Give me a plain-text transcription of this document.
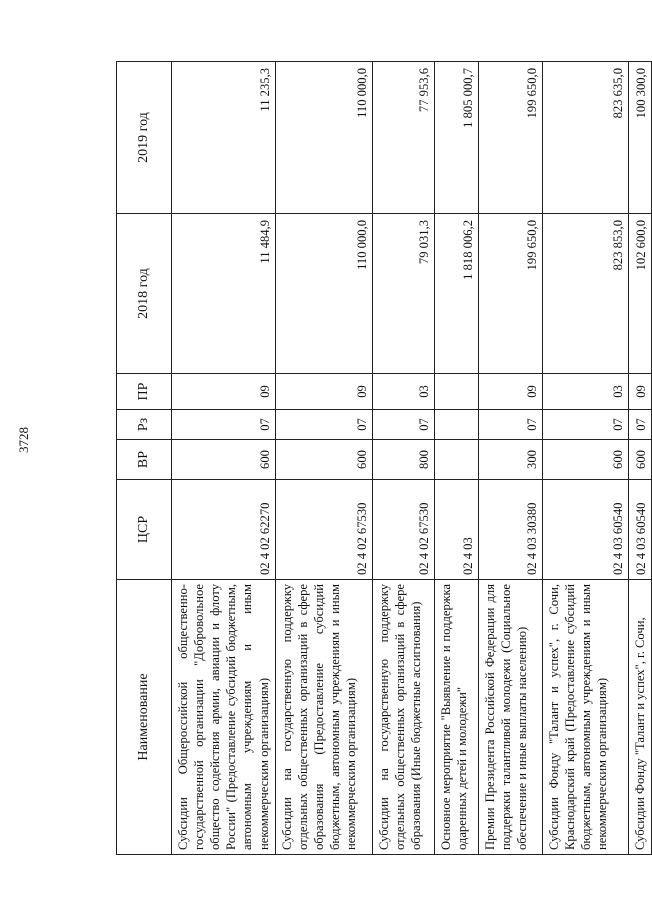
3728
Наименование	ЦСР	ВР	Рз	ПР	2018 год	2019 год
Субсидии Общероссийской общественно-государственной организации "Добровольное общество содействия армии, авиации и флоту России" (Предоставление субсидий бюджетным, автономным учреждениям и иным некоммерческим организациям)	02 4 02 62270	600	07	09	11 484,9	11 235,3
Субсидии на государственную поддержку отдельных общественных организаций в сфере образования (Предоставление субсидий бюджетным, автономным учреждениям и иным некоммерческим организациям)	02 4 02 67530	600	07	09	110 000,0	110 000,0
Субсидии на государственную поддержку отдельных общественных организаций в сфере образования (Иные бюджетные ассигнования)	02 4 02 67530	800	07	03	79 031,3	77 953,6
Основное мероприятие "Выявление и поддержка одаренных детей и молодежи"	02 4 03				1 818 006,2	1 805 000,7
Премии Президента Российской Федерации для поддержки талантливой молодежи (Социальное обеспечение и иные выплаты населению)	02 4 03 30380	300	07	09	199 650,0	199 650,0
Субсидии Фонду "Талант и успех", г. Сочи, Краснодарский край (Предоставление субсидий бюджетным, автономным учреждениям и иным некоммерческим организациям)	02 4 03 60540	600	07	03	823 853,0	823 635,0
Субсидии Фонду "Талант и успех", г. Сочи,	02 4 03 60540	600	07	09	102 600,0	100 300,0
